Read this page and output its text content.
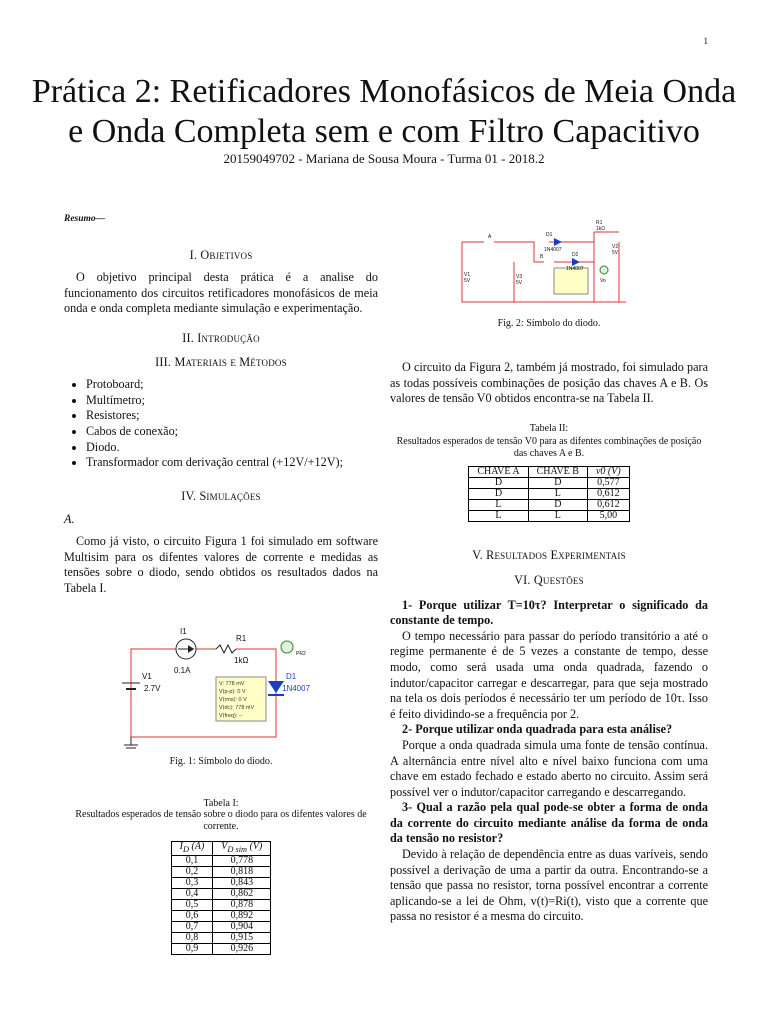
1
Prática 2: Retificadores Monofásicos de Meia Onda
e Onda Completa sem e com Filtro Capacitivo
20159049702 - Mariana de Sousa Moura - Turma 01 - 2018.2

Resumo—

I. Objetivos

O objetivo principal desta prática é a analise do funcionamento dos circuitos retificadores monofásicos de meia onda e onda completa mediante simulação e experimentação.

II. Introdução

III. Materiais e Métodos

• Protoboard;
• Multímetro;
• Resistores;
• Cabos de conexão;
• Diodo.
• Transformador com derivação central (+12V/+12V);

IV. Simulações

A.

Como já visto, o circuito Figura 1 foi simulado em software Multisim para os difentes valores de corrente e medidas as tensões sobre o diodo, sendo obtidos os resultados dados na Tabela I.

I1
0.1A
R1
1kΩ
V1
2.7V
D1
1N4007
PR2
V: 778 mV
V(p-p): 0 V
V(rms): 0 V
V(dc): 778 mV
V(freq): --
Fig. 1: Símbolo do diodo.
Tabela I:
Resultados esperados de tensão sobre o diodo para os difentes valores de corrente.
$I_D$ (A)	$V_{D sim}$ (V)
0,1	0,778
0,2	0,818
0,3	0,843
0,4	0,862
0,5	0,878
0,6	0,892
0,7	0,904
0,8	0,915
0,9	0,926
R1
1kΩ
D1
1N4007
D2
1N4007
V1
5V
V2
5V
V3
5V
A
B
Vo
Fig. 2: Símbolo do diodo.

O circuito da Figura 2, também já mostrado, foi simulado para as todas possíveis combinações de posição das chaves A e B. Os valores de tensão V0 obtidos encontra-se na Tabela II.

Tabela II:
Resultados esperados de tensão V0 para as difentes combinações de posição das chaves A e B.
CHAVE A	CHAVE B	v0 (V)
D	D	0,577
D	L	0,612
L	D	0,612
L	L	5,00

V. Resultados Experimentais

VI. Questões

1- Porque utilizar T=10τ? Interpretar o significado da constante de tempo.

O tempo necessário para passar do período transitório a até o regime permanente é de 5 vezes a constante de tempo, desse modo, como será usada uma onda quadrada, fazendo o indutor/capacitor carregar e descarregar, para que seja mostrado na tela os dois períodos é necessário ter um período de 10τ. Isso é feito dividindo-se a frequência por 2.

2- Porque utilizar onda quadrada para esta análise?

Porque a onda quadrada simula uma fonte de tensão contínua. A alternância entre nível alto e nível baixo funciona com uma chave em estado fechado e estado aberto no circuito. Assim será possível ver o indutor/capacitor carregando e descarregando.

3- Qual a razão pela qual pode-se obter a forma de onda da corrente do circuito mediante análise da forma de onda da tensão no resistor?

Devido à relação de dependência entre as duas varíveis, sendo possível a derivação de uma a partir da outra. Encontrando-se a tensão que passa no resistor, torna possível encontrar a corrente aplicando-se a lei de Ohm, v(t)=Ri(t), visto que a corrente que passa no resistor é a mesma do circuito.
